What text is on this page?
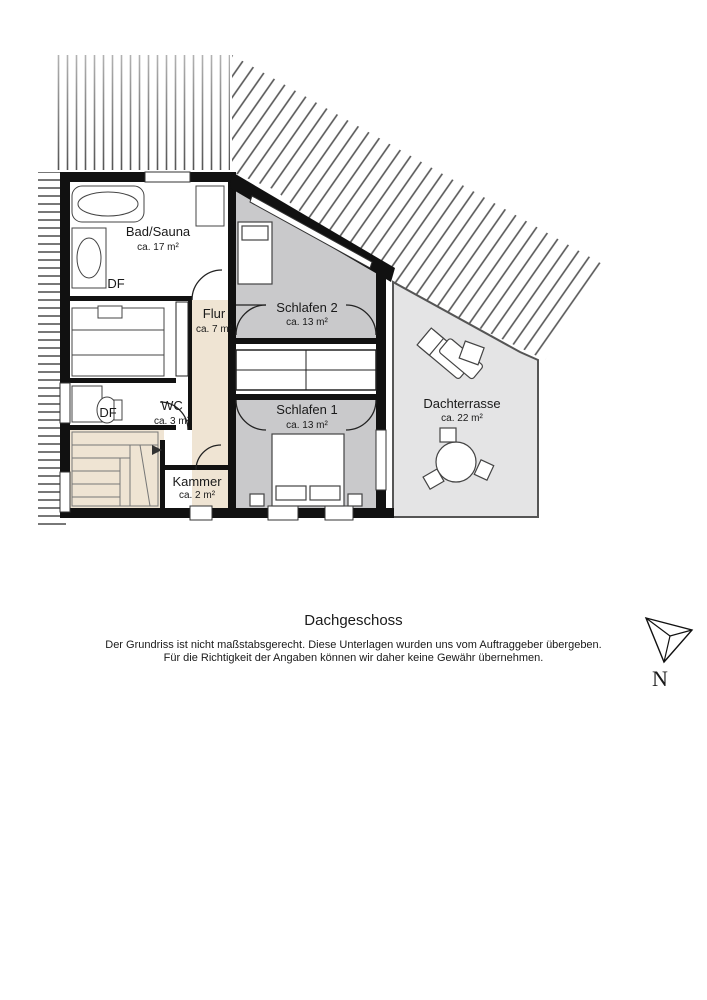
Bad/Sauna
ca. 17 m²
DF
Flur
ca. 7 m²
DF	WC
ca. 3 m²
Kammer
ca. 2 m²
Schlafen 2
ca. 13 m²
Schlafen 1
ca. 13 m²
Dachterrasse
ca. 22 m²
Dachgeschoss
Der Grundriss ist nicht maßstabsgerecht. Diese Unterlagen wurden uns vom Auftraggeber übergeben.
Für die Richtigkeit der Angaben können wir daher keine Gewähr übernehmen.
N
